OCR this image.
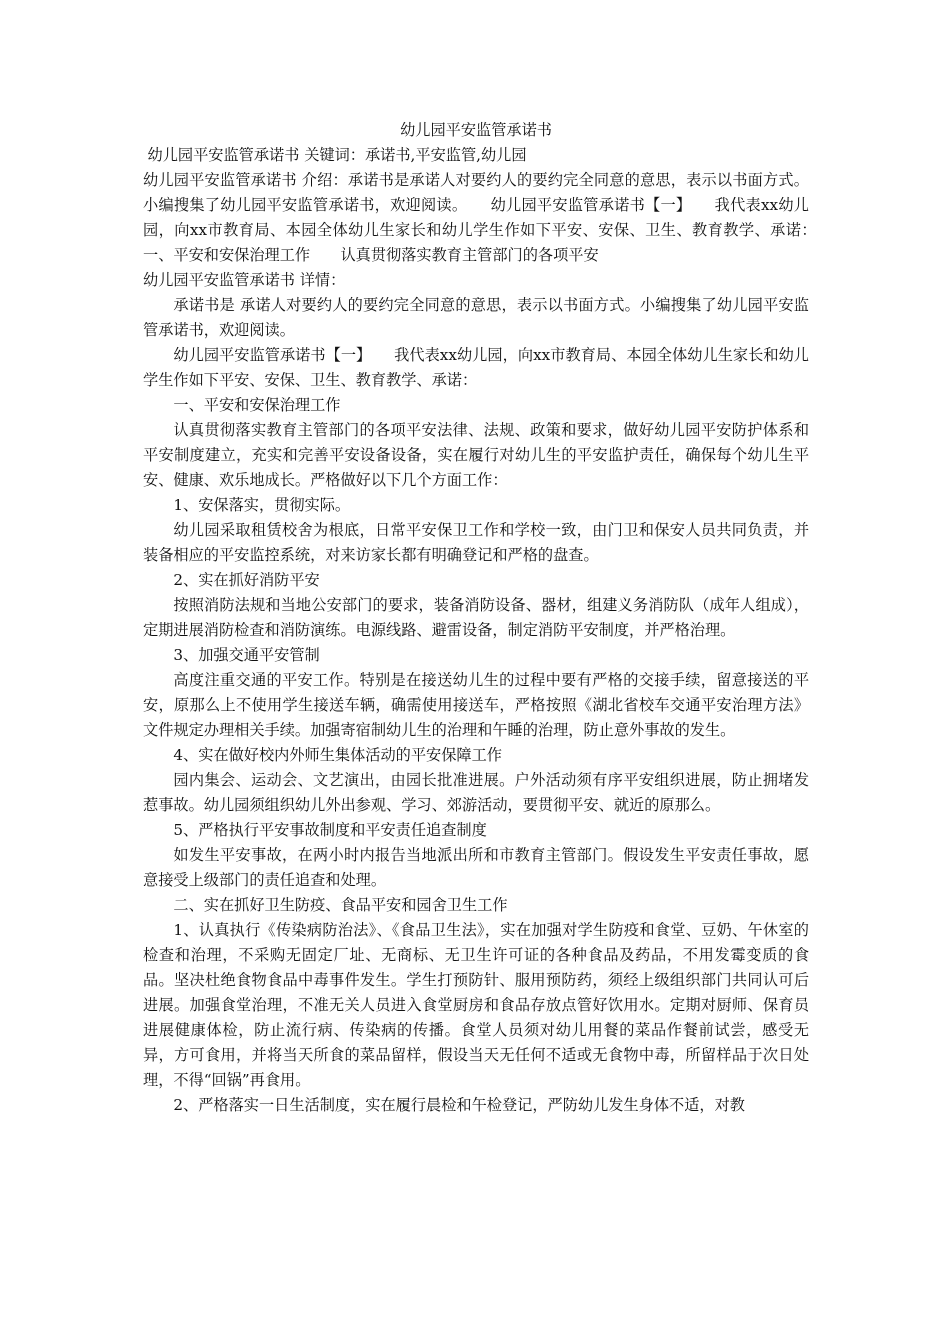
幼儿园平安监管承诺书

幼儿园平安监管承诺书 关键词：承诺书,平安监管,幼儿园

幼儿园平安监管承诺书 介绍：承诺书是承诺人对要约人的要约完全同意的意思，表示以书面方式。小编搜集了幼儿园平安监管承诺书，欢迎阅读。　　幼儿园平安监管承诺书【一】　　我代表xx幼儿园，向xx市教育局、本园全体幼儿生家长和幼儿学生作如下平安、安保、卫生、教育教学、承诺：　　一、平安和安保治理工作　　认真贯彻落实教育主管部门的各项平安

幼儿园平安监管承诺书 详情：

承诺书是 承诺人对要约人的要约完全同意的意思，表示以书面方式。小编搜集了幼儿园平安监管承诺书，欢迎阅读。

幼儿园平安监管承诺书【一】　　我代表xx幼儿园，向xx市教育局、本园全体幼儿生家长和幼儿学生作如下平安、安保、卫生、教育教学、承诺：

一、平安和安保治理工作

认真贯彻落实教育主管部门的各项平安法律、法规、政策和要求，做好幼儿园平安防护体系和平安制度建立，充实和完善平安设备设备，实在履行对幼儿生的平安监护责任，确保每个幼儿生平安、健康、欢乐地成长。严格做好以下几个方面工作：

1、安保落实，贯彻实际。

幼儿园采取租赁校舍为根底，日常平安保卫工作和学校一致，由门卫和保安人员共同负责，并装备相应的平安监控系统，对来访家长都有明确登记和严格的盘查。

2、实在抓好消防平安

按照消防法规和当地公安部门的要求，装备消防设备、器材，组建义务消防队（成年人组成），定期进展消防检查和消防演练。电源线路、避雷设备，制定消防平安制度，并严格治理。

3、加强交通平安管制

高度注重交通的平安工作。特别是在接送幼儿生的过程中要有严格的交接手续，留意接送的平安，原那么上不使用学生接送车辆，确需使用接送车，严格按照《湖北省校车交通平安治理方法》文件规定办理相关手续。加强寄宿制幼儿生的治理和午睡的治理，防止意外事故的发生。

4、实在做好校内外师生集体活动的平安保障工作

园内集会、运动会、文艺演出，由园长批准进展。户外活动须有序平安组织进展，防止拥堵发惹事故。幼儿园须组织幼儿外出参观、学习、郊游活动，要贯彻平安、就近的原那么。

5、严格执行平安事故制度和平安责任追查制度

如发生平安事故，在两小时内报告当地派出所和市教育主管部门。假设发生平安责任事故，愿意接受上级部门的责任追查和处理。

二、实在抓好卫生防疫、食品平安和园舍卫生工作

1、认真执行《传染病防治法》、《食品卫生法》，实在加强对学生防疫和食堂、豆奶、午休室的检查和治理，不采购无固定厂址、无商标、无卫生许可证的各种食品及药品，不用发霉变质的食品。坚决杜绝食物食品中毒事件发生。学生打预防针、服用预防药，须经上级组织部门共同认可后进展。加强食堂治理，不准无关人员进入食堂厨房和食品存放点管好饮用水。定期对厨师、保育员进展健康体检，防止流行病、传染病的传播。食堂人员须对幼儿用餐的菜品作餐前试尝，感受无异，方可食用，并将当天所食的菜品留样，假设当天无任何不适或无食物中毒，所留样品于次日处理，不得“回锅”再食用。

2、严格落实一日生活制度，实在履行晨检和午检登记，严防幼儿发生身体不适，对教
